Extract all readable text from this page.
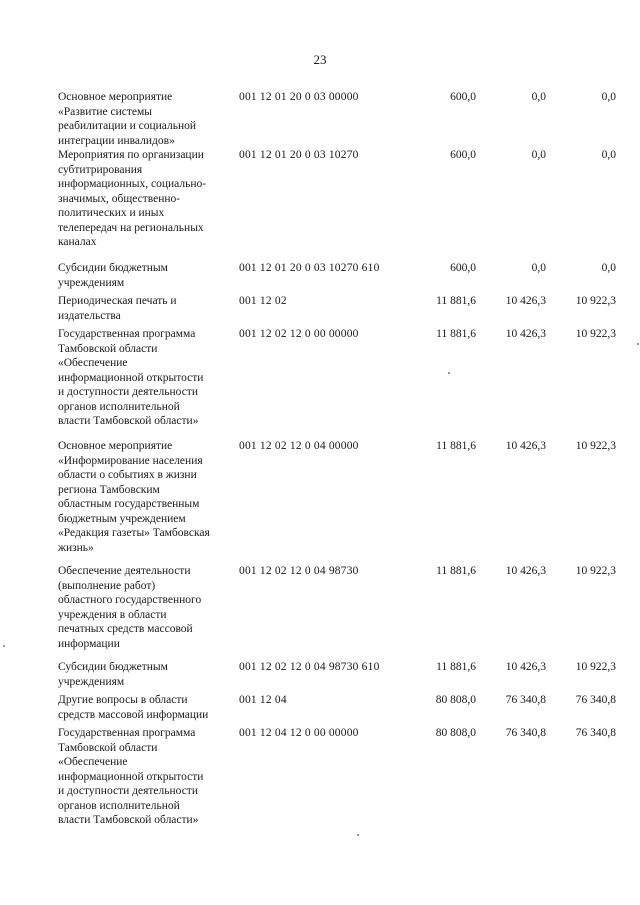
23
Основное мероприятие
«Развитие системы
реабилитации и социальной
интеграции инвалидов»
001 12 01 20 0 03 00000	600,0	0,0	0,0
Мероприятия по организации
субтитрирования
информационных, социально-
значимых, общественно-
политических и иных
телепередач на региональных
каналах
001 12 01 20 0 03 10270	600,0	0,0	0,0
Субсидии бюджетным
учреждениям
001 12 01 20 0 03 10270 610	600,0	0,0	0,0
Периодическая печать и
издательства
001 12 02	11 881,6	10 426,3	10 922,3
Государственная программа
Тамбовской области
«Обеспечение
информационной открытости
и доступности деятельности
органов исполнительной
власти Тамбовской области»
001 12 02 12 0 00 00000	11 881,6	10 426,3	10 922,3
Основное мероприятие
«Информирование населения
области о событиях в жизни
региона Тамбовским
областным государственным
бюджетным учреждением
«Редакция газеты» Тамбовская
жизнь»
001 12 02 12 0 04 00000	11 881,6	10 426,3	10 922,3
Обеспечение деятельности
(выполнение работ)
областного государственного
учреждения в области
печатных средств массовой
информации
001 12 02 12 0 04 98730	11 881,6	10 426,3	10 922,3
Субсидии бюджетным
учреждениям
001 12 02 12 0 04 98730 610	11 881,6	10 426,3	10 922,3
Другие вопросы в области
средств массовой информации
001 12 04	80 808,0	76 340,8	76 340,8
Государственная программа
Тамбовской области
«Обеспечение
информационной открытости
и доступности деятельности
органов исполнительной
власти Тамбовской области»
001 12 04 12 0 00 00000	80 808,0	76 340,8	76 340,8
